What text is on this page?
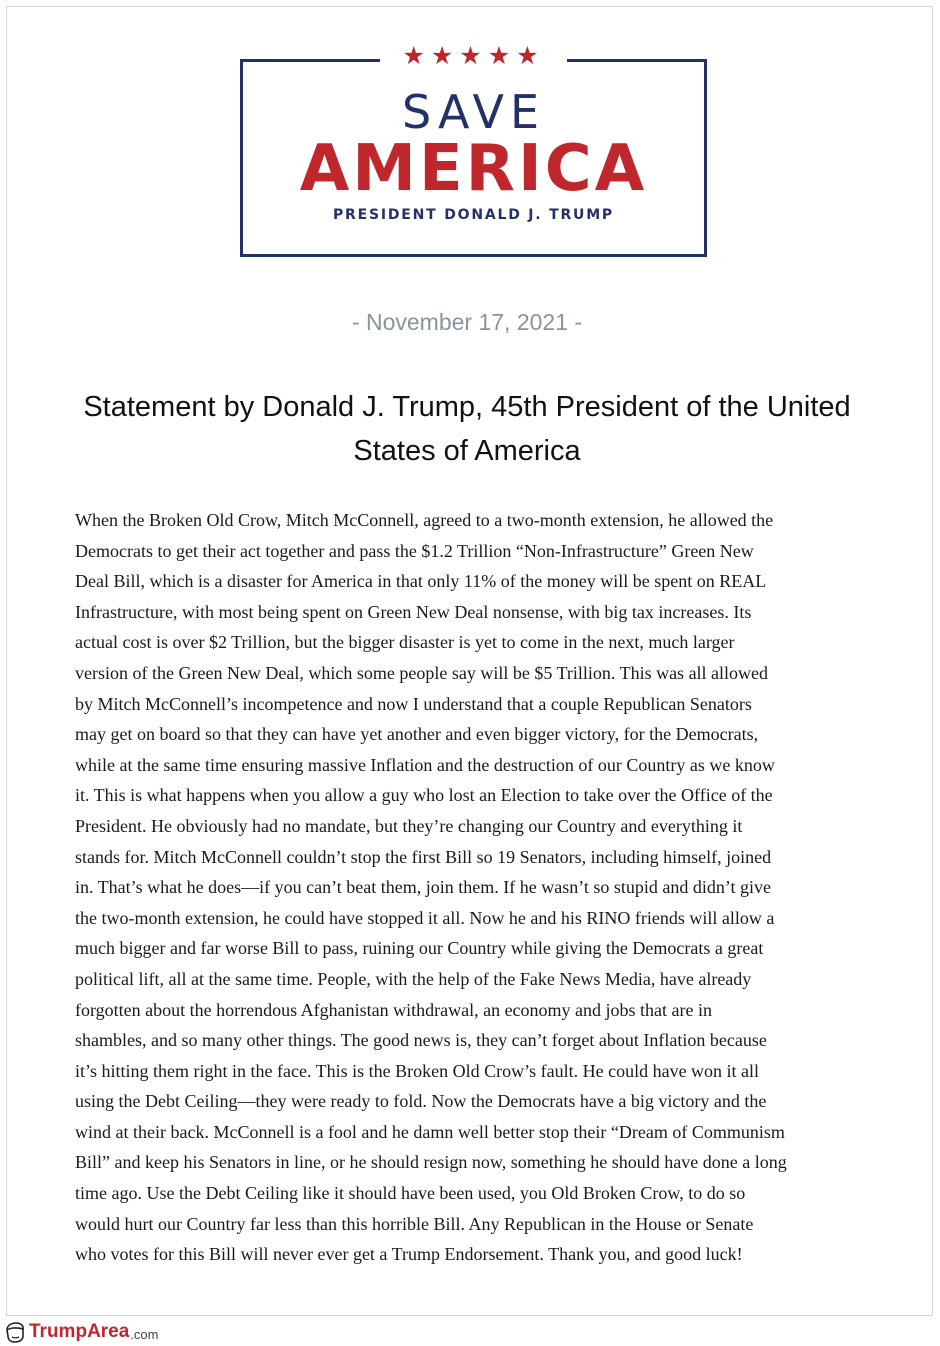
★★★★★
SAVE
AMERICA
PRESIDENT DONALD J. TRUMP
- November 17, 2021 -
Statement by Donald J. Trump, 45th President of the United States of America

When the Broken Old Crow, Mitch McConnell, agreed to a two-month extension, he allowed the
Democrats to get their act together and pass the $1.2 Trillion “Non-Infrastructure” Green New
Deal Bill, which is a disaster for America in that only 11% of the money will be spent on REAL
Infrastructure, with most being spent on Green New Deal nonsense, with big tax increases. Its
actual cost is over $2 Trillion, but the bigger disaster is yet to come in the next, much larger
version of the Green New Deal, which some people say will be $5 Trillion. This was all allowed
by Mitch McConnell’s incompetence and now I understand that a couple Republican Senators
may get on board so that they can have yet another and even bigger victory, for the Democrats,
while at the same time ensuring massive Inflation and the destruction of our Country as we know
it. This is what happens when you allow a guy who lost an Election to take over the Office of the
President. He obviously had no mandate, but they’re changing our Country and everything it
stands for. Mitch McConnell couldn’t stop the first Bill so 19 Senators, including himself, joined
in. That’s what he does—if you can’t beat them, join them. If he wasn’t so stupid and didn’t give
the two-month extension, he could have stopped it all. Now he and his RINO friends will allow a
much bigger and far worse Bill to pass, ruining our Country while giving the Democrats a great
political lift, all at the same time. People, with the help of the Fake News Media, have already
forgotten about the horrendous Afghanistan withdrawal, an economy and jobs that are in
shambles, and so many other things. The good news is, they can’t forget about Inflation because
it’s hitting them right in the face. This is the Broken Old Crow’s fault. He could have won it all
using the Debt Ceiling—they were ready to fold. Now the Democrats have a big victory and the
wind at their back. McConnell is a fool and he damn well better stop their “Dream of Communism
Bill” and keep his Senators in line, or he should resign now, something he should have done a long
time ago. Use the Debt Ceiling like it should have been used, you Old Broken Crow, to do so
would hurt our Country far less than this horrible Bill. Any Republican in the House or Senate
who votes for this Bill will never ever get a Trump Endorsement. Thank you, and good luck!

Trump Area .com
